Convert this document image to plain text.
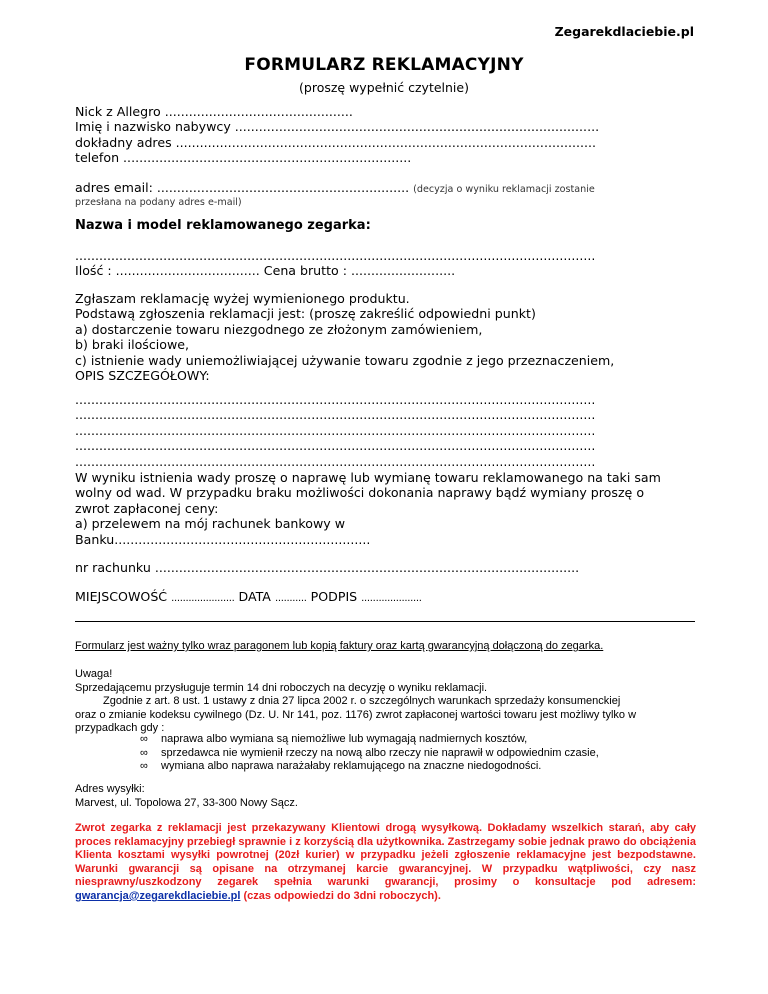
Zegarekdlaciebie.pl
FORMULARZ REKLAMACYJNY
(proszę wypełnić czytelnie)
Nick z Allegro ...............................................
Imię i nazwisko nabywcy ...........................................................................................
dokładny adres .........................................................................................................
telefon ........................................................................
adres email: ............................................................... (decyzja o wyniku reklamacji zostanie
przesłana na podany adres e-mail)
Nazwa i model reklamowanego zegarka:
..................................................................................................................................
Ilość : .................................... Cena brutto : ..........................
Zgłaszam reklamację wyżej wymienionego produktu.
Podstawą zgłoszenia reklamacji jest: (proszę zakreślić odpowiedni punkt)
a) dostarczenie towaru niezgodnego ze złożonym zamówieniem,
b) braki ilościowe,
c) istnienie wady uniemożliwiającej używanie towaru zgodnie z jego przeznaczeniem,
OPIS SZCZEGÓŁOWY:
..................................................................................................................................
..................................................................................................................................
..................................................................................................................................
..................................................................................................................................
..................................................................................................................................
W wyniku istnienia wady proszę o naprawę lub wymianę towaru reklamowanego na taki sam
wolny od wad. W przypadku braku możliwości dokonania naprawy bądź wymiany proszę o
zwrot zapłaconej ceny:
a) przelewem na mój rachunek bankowy w
Banku................................................................
nr rachunku ..........................................................................................................
MIEJSCOWOŚĆ ...................... DATA ........... PODPIS .....................
Formularz jest ważny tylko wraz paragonem lub kopią faktury oraz kartą gwarancyjną dołączoną do zegarka.
Uwaga!
Sprzedającemu przysługuje termin 14 dni roboczych na decyzję o wyniku reklamacji.
Zgodnie z art. 8 ust. 1 ustawy z dnia 27 lipca 2002 r. o szczególnych warunkach sprzedaży konsumenckiej
oraz o zmianie kodeksu cywilnego (Dz. U. Nr 141, poz. 1176) zwrot zapłaconej wartości towaru jest możliwy tylko w
przypadkach gdy :
∞ naprawa albo wymiana są niemożliwe lub wymagają nadmiernych kosztów,
∞ sprzedawca nie wymienił rzeczy na nową albo rzeczy nie naprawił w odpowiednim czasie,
∞ wymiana albo naprawa narażałaby reklamującego na znaczne niedogodności.
Adres wysyłki:
Marvest, ul. Topolowa 27, 33-300 Nowy Sącz.
Zwrot zegarka z reklamacji jest przekazywany Klientowi drogą wysyłkową. Dokładamy wszelkich starań, aby cały proces reklamacyjny przebiegł sprawnie i z korzyścią dla użytkownika. Zastrzegamy sobie jednak prawo do obciążenia Klienta kosztami wysyłki powrotnej (20zł kurier) w przypadku jeżeli zgłoszenie reklamacyjne jest bezpodstawne. Warunki gwarancji są opisane na otrzymanej karcie gwarancyjnej. W przypadku wątpliwości, czy nasz niesprawny/uszkodzony zegarek spełnia warunki gwarancji, prosimy o konsultacje pod adresem: gwarancja@zegarekdlaciebie.pl (czas odpowiedzi do 3dni roboczych).
